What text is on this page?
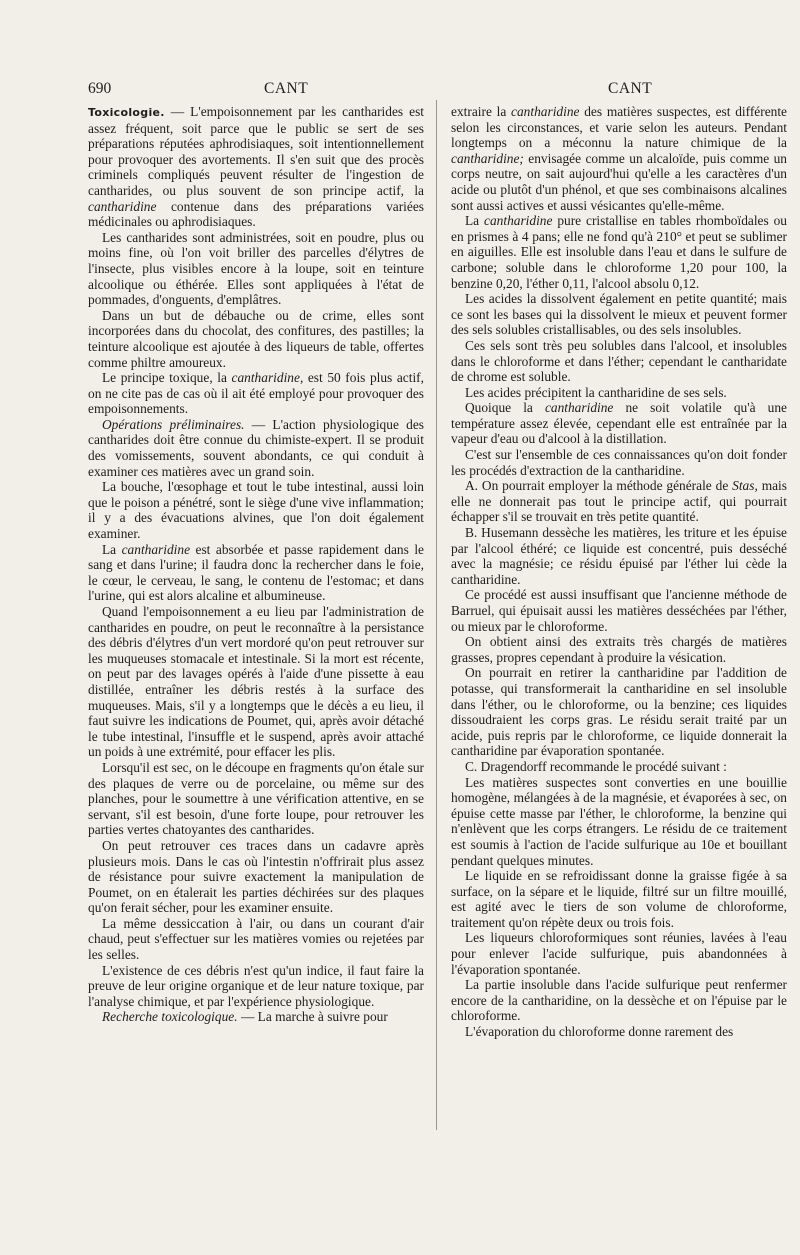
690	CANT	CANT

Toxicologie. — L'empoisonnement par les cantharides est assez fréquent, soit parce que le public se sert de ses préparations réputées aphrodisiaques, soit intentionnellement pour provoquer des avortements. Il s'en suit que des procès criminels compliqués peuvent résulter de l'ingestion de cantharides, ou plus souvent de son principe actif, la cantharidine contenue dans des préparations variées médicinales ou aphrodisiaques.

Les cantharides sont administrées, soit en poudre, plus ou moins fine, où l'on voit briller des parcelles d'élytres de l'insecte, plus visibles encore à la loupe, soit en teinture alcoolique ou éthérée. Elles sont appliquées à l'état de pommades, d'onguents, d'emplâtres.

Dans un but de débauche ou de crime, elles sont incorporées dans du chocolat, des confitures, des pastilles; la teinture alcoolique est ajoutée à des liqueurs de table, offertes comme philtre amoureux.

Le principe toxique, la cantharidine, est 50 fois plus actif, on ne cite pas de cas où il ait été employé pour provoquer des empoisonnements.

Opérations préliminaires. — L'action physiologique des cantharides doit être connue du chimiste-expert. Il se produit des vomissements, souvent abondants, ce qui conduit à examiner ces matières avec un grand soin.

La bouche, l'œsophage et tout le tube intestinal, aussi loin que le poison a pénétré, sont le siège d'une vive inflammation; il y a des évacuations alvines, que l'on doit également examiner.

La cantharidine est absorbée et passe rapidement dans le sang et dans l'urine; il faudra donc la rechercher dans le foie, le cœur, le cerveau, le sang, le contenu de l'estomac; et dans l'urine, qui est alors alcaline et albumineuse.

Quand l'empoisonnement a eu lieu par l'administration de cantharides en poudre, on peut le reconnaître à la persistance des débris d'élytres d'un vert mordoré qu'on peut retrouver sur les muqueuses stomacale et intestinale. Si la mort est récente, on peut par des lavages opérés à l'aide d'une pissette à eau distillée, entraîner les débris restés à la surface des muqueuses. Mais, s'il y a longtemps que le décès a eu lieu, il faut suivre les indications de Poumet, qui, après avoir détaché le tube intestinal, l'insuffle et le suspend, après avoir attaché un poids à une extrémité, pour effacer les plis.

Lorsqu'il est sec, on le découpe en fragments qu'on étale sur des plaques de verre ou de porcelaine, ou même sur des planches, pour le soumettre à une vérification attentive, en se servant, s'il est besoin, d'une forte loupe, pour retrouver les parties vertes chatoyantes des cantharides.

On peut retrouver ces traces dans un cadavre après plusieurs mois. Dans le cas où l'intestin n'offrirait plus assez de résistance pour suivre exactement la manipulation de Poumet, on en étalerait les parties déchirées sur des plaques qu'on ferait sécher, pour les examiner ensuite.

La même dessiccation à l'air, ou dans un courant d'air chaud, peut s'effectuer sur les matières vomies ou rejetées par les selles.

L'existence de ces débris n'est qu'un indice, il faut faire la preuve de leur origine organique et de leur nature toxique, par l'analyse chimique, et par l'expérience physiologique.

Recherche toxicologique. — La marche à suivre pour

extraire la cantharidine des matières suspectes, est différente selon les circonstances, et varie selon les auteurs. Pendant longtemps on a méconnu la nature chimique de la cantharidine; envisagée comme un alcaloïde, puis comme un corps neutre, on sait aujourd'hui qu'elle a les caractères d'un acide ou plutôt d'un phénol, et que ses combinaisons alcalines sont aussi actives et aussi vésicantes qu'elle-même.

La cantharidine pure cristallise en tables rhomboïdales ou en prismes à 4 pans; elle ne fond qu'à 210° et peut se sublimer en aiguilles. Elle est insoluble dans l'eau et dans le sulfure de carbone; soluble dans le chloroforme 1,20 pour 100, la benzine 0,20, l'éther 0,11, l'alcool absolu 0,12.

Les acides la dissolvent également en petite quantité; mais ce sont les bases qui la dissolvent le mieux et peuvent former des sels solubles cristallisables, ou des sels insolubles.

Ces sels sont très peu solubles dans l'alcool, et insolubles dans le chloroforme et dans l'éther; cependant le cantharidate de chrome est soluble.

Les acides précipitent la cantharidine de ses sels.

Quoique la cantharidine ne soit volatile qu'à une température assez élevée, cependant elle est entraînée par la vapeur d'eau ou d'alcool à la distillation.

C'est sur l'ensemble de ces connaissances qu'on doit fonder les procédés d'extraction de la cantharidine.

A. On pourrait employer la méthode générale de Stas, mais elle ne donnerait pas tout le principe actif, qui pourrait échapper s'il se trouvait en très petite quantité.

B. Husemann dessèche les matières, les triture et les épuise par l'alcool éthéré; ce liquide est concentré, puis desséché avec la magnésie; ce résidu épuisé par l'éther lui cède la cantharidine.

Ce procédé est aussi insuffisant que l'ancienne méthode de Barruel, qui épuisait aussi les matières desséchées par l'éther, ou mieux par le chloroforme.

On obtient ainsi des extraits très chargés de matières grasses, propres cependant à produire la vésication.

On pourrait en retirer la cantharidine par l'addition de potasse, qui transformerait la cantharidine en sel insoluble dans l'éther, ou le chloroforme, ou la benzine; ces liquides dissoudraient les corps gras. Le résidu serait traité par un acide, puis repris par le chloroforme, ce liquide donnerait la cantharidine par évaporation spontanée.

C. Dragendorff recommande le procédé suivant :

Les matières suspectes sont converties en une bouillie homogène, mélangées à de la magnésie, et évaporées à sec, on épuise cette masse par l'éther, le chloroforme, la benzine qui n'enlèvent que les corps étrangers. Le résidu de ce traitement est soumis à l'action de l'acide sulfurique au 10e et bouillant pendant quelques minutes.

Le liquide en se refroidissant donne la graisse figée à sa surface, on la sépare et le liquide, filtré sur un filtre mouillé, est agité avec le tiers de son volume de chloroforme, traitement qu'on répète deux ou trois fois.

Les liqueurs chloroformiques sont réunies, lavées à l'eau pour enlever l'acide sulfurique, puis abandonnées à l'évaporation spontanée.

La partie insoluble dans l'acide sulfurique peut renfermer encore de la cantharidine, on la dessèche et on l'épuise par le chloroforme.

L'évaporation du chloroforme donne rarement des
